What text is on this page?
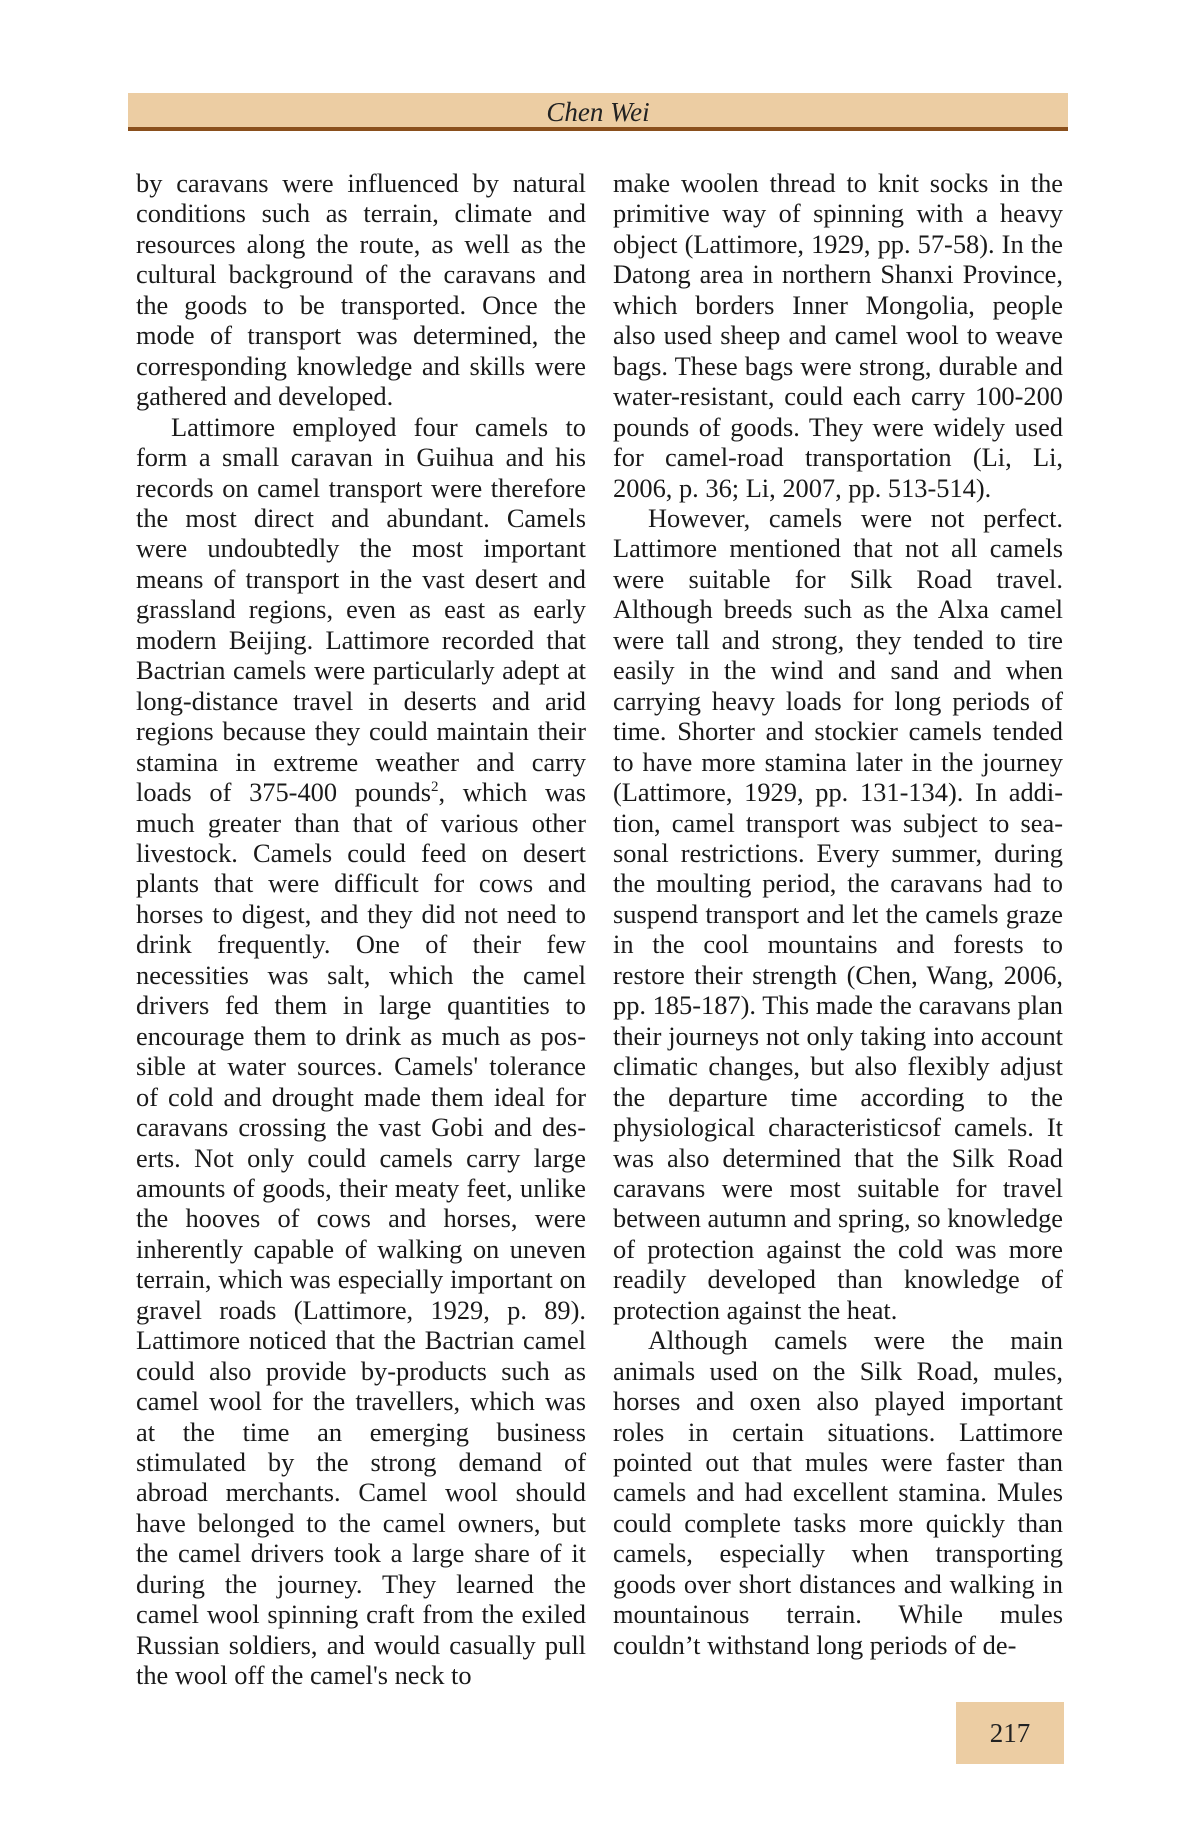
Chen Wei

by caravans were influenced by natural conditions such as terrain, climate and resources along the route, as well as the cultural background of the caravans and the goods to be transported. Once the mode of transport was determined, the corresponding knowledge and skills were gathered and developed.

Lattimore employed four camels to form a small caravan in Guihua and his records on camel transport were therefore the most direct and abundant. Camels were undoubtedly the most important means of transport in the vast desert and grassland regions, even as east as early modern Beijing. Lattimore recorded that Bactrian camels were particularly adept at long-distance travel in deserts and arid regions because they could maintain their stamina in extreme weather and carry loads of 375-400 pounds$^2$, which was much greater than that of various other livestock. Camels could feed on desert plants that were difficult for cows and horses to digest, and they did not need to drink frequently. One of their few necessities was salt, which the camel drivers fed them in large quantities to encourage them to drink as much as possible at water sources. Camels' tolerance of cold and drought made them ideal for caravans crossing the vast Gobi and deserts. Not only could camels carry large amounts of goods, their meaty feet, unlike the hooves of cows and horses, were inherently capable of walking on uneven terrain, which was especially important on gravel roads (Lattimore, 1929, p. 89). Lattimore noticed that the Bactrian camel could also provide by-products such as camel wool for the travellers, which was at the time an emerging business stimulated by the strong demand of abroad merchants. Camel wool should have belonged to the camel owners, but the camel drivers took a large share of it during the journey. They learned the camel wool spinning craft from the exiled Russian soldiers, and would casually pull the wool off the camel's neck to

make woolen thread to knit socks in the primitive way of spinning with a heavy object (Lattimore, 1929, pp. 57-58). In the Datong area in northern Shanxi Province, which borders Inner Mongolia, people also used sheep and camel wool to weave bags. These bags were strong, durable and water-resistant, could each carry 100-200 pounds of goods. They were widely used for camel-road transportation (Li, Li, 2006, p. 36; Li, 2007, pp. 513-514).

However, camels were not perfect. Lattimore mentioned that not all camels were suitable for Silk Road travel. Although breeds such as the Alxa camel were tall and strong, they tended to tire easily in the wind and sand and when carrying heavy loads for long periods of time. Shorter and stockier camels tended to have more stamina later in the journey (Lattimore, 1929, pp. 131-134). In addition, camel transport was subject to seasonal restrictions. Every summer, during the moulting period, the caravans had to suspend transport and let the camels graze in the cool mountains and forests to restore their strength (Chen, Wang, 2006, pp. 185-187). This made the caravans plan their journeys not only taking into account climatic changes, but also flexibly adjust the departure time according to the physiological characteristicsof camels. It was also determined that the Silk Road caravans were most suitable for travel between autumn and spring, so knowledge of protection against the cold was more readily developed than knowledge of protection against the heat.

Although camels were the main animals used on the Silk Road, mules, horses and oxen also played important roles in certain situations. Lattimore pointed out that mules were faster than camels and had excellent stamina. Mules could complete tasks more quickly than camels, especially when transporting goods over short distances and walking in mountainous terrain. While mules couldn’t withstand long periods of de-

217
